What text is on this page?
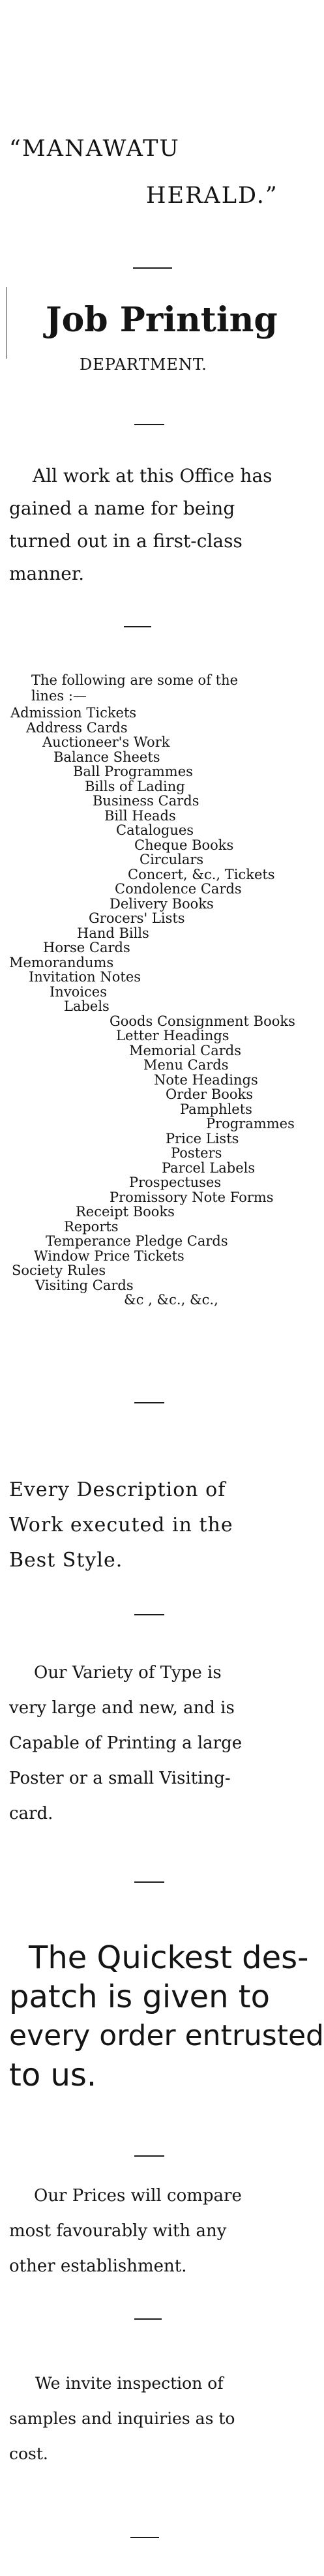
“MANAWATU
HERALD.”
Job Printing
DEPARTMENT.
All work at this Office has
gained a name for being
turned out in a first-class
manner.
The following are some of the
lines :—
Admission Tickets
Address Cards
Auctioneer's Work
Balance Sheets
Ball Programmes
Bills of Lading
Business Cards
Bill Heads
Catalogues
Cheque Books
Circulars
Concert, &c., Tickets
Condolence Cards
Delivery Books
Grocers' Lists
Hand Bills
Horse Cards
Memorandums
Invitation Notes
Invoices
Labels
Goods Consignment Books
Letter Headings
Memorial Cards
Menu Cards
Note Headings
Order Books
Pamphlets
Programmes
Price Lists
Posters
Parcel Labels
Prospectuses
Promissory Note Forms
Receipt Books
Reports
Temperance Pledge Cards
Window Price Tickets
Society Rules
Visiting Cards
&c , &c., &c.,
Every Description of
Work executed in the
Best Style.
Our Variety of Type is
very large and new, and is
Capable of Printing a large
Poster or a small Visiting-
card.
The Quickest des-
patch is given to
every order entrusted
to us.
Our Prices will compare
most favourably with any
other establishment.
We invite inspection of
samples and inquiries as to
cost.
